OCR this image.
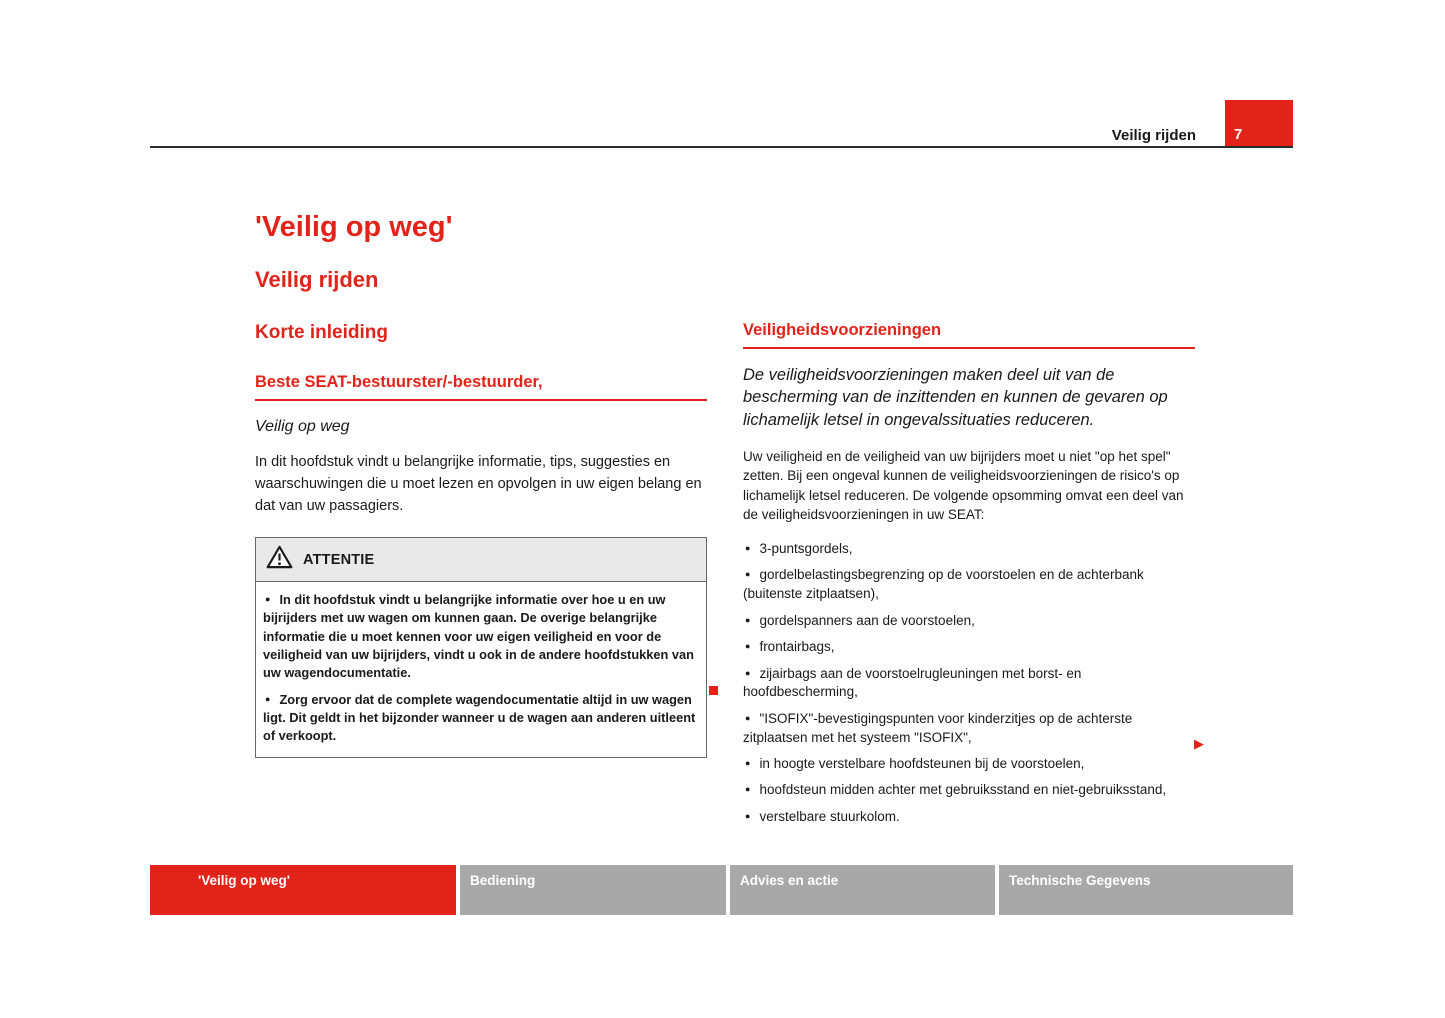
Veilig rijden	7
'Veilig op weg'
Veilig rijden
Korte inleiding
Beste SEAT-bestuurster/-bestuurder,

Veilig op weg

In dit hoofdstuk vindt u belangrijke informatie, tips, suggesties en waarschuwingen die u moet lezen en opvolgen in uw eigen belang en dat van uw passagiers.

ATTENTIE

● In dit hoofdstuk vindt u belangrijke informatie over hoe u en uw bijrijders met uw wagen om kunnen gaan. De overige belangrijke informatie die u moet kennen voor uw eigen veiligheid en voor de veiligheid van uw bijrijders, vindt u ook in de andere hoofdstukken van uw wagendocumentatie.

● Zorg ervoor dat de complete wagendocumentatie altijd in uw wagen ligt. Dit geldt in het bijzonder wanneer u de wagen aan anderen uitleent of verkoopt.

Veiligheidsvoorzieningen

De veiligheidsvoorzieningen maken deel uit van de bescherming van de inzittenden en kunnen de gevaren op lichamelijk letsel in ongevalssituaties reduceren.

Uw veiligheid en de veiligheid van uw bijrijders moet u niet "op het spel" zetten. Bij een ongeval kunnen de veiligheidsvoorzieningen de risico's op lichamelijk letsel reduceren. De volgende opsomming omvat een deel van de veiligheidsvoorzieningen in uw SEAT:

● 3-puntsgordels,

● gordelbelastingsbegrenzing op de voorstoelen en de achterbank (buitenste zitplaatsen),

● gordelspanners aan de voorstoelen,

● frontairbags,

● zijairbags aan de voorstoelrugleuningen met borst- en hoofdbescherming,

● "ISOFIX"-bevestigingspunten voor kinderzitjes op de achterste zitplaatsen met het systeem "ISOFIX",

● in hoogte verstelbare hoofdsteunen bij de voorstoelen,

● hoofdsteun midden achter met gebruiksstand en niet-gebruiksstand,

● verstelbare stuurkolom.

▶
'Veilig op weg'	Bediening	Advies en actie	Technische Gegevens
